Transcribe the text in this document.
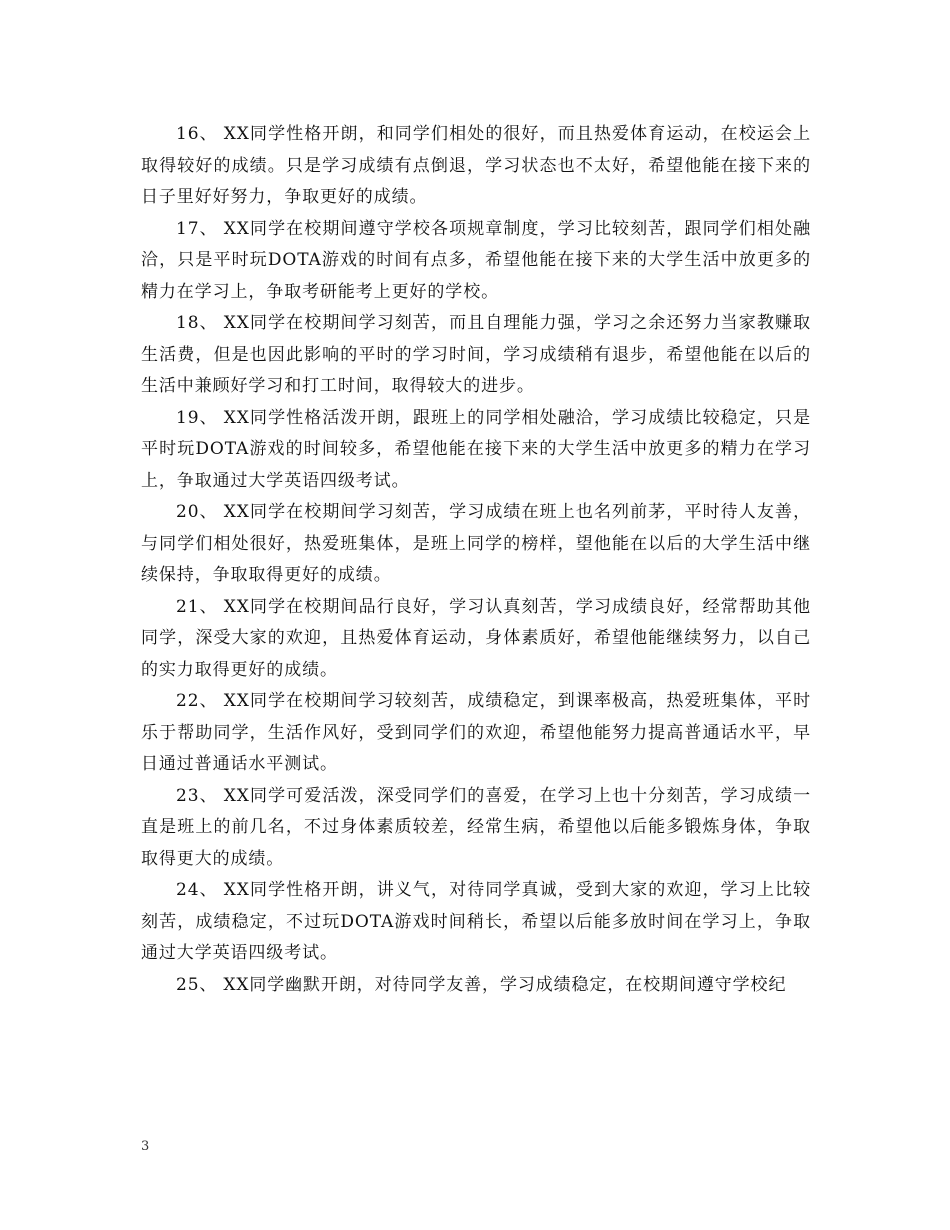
16、 XX同学性格开朗，和同学们相处的很好，而且热爱体育运动，在校运会上取得较好的成绩。只是学习成绩有点倒退，学习状态也不太好，希望他能在接下来的日子里好好努力，争取更好的成绩。

17、 XX同学在校期间遵守学校各项规章制度，学习比较刻苦，跟同学们相处融洽，只是平时玩DOTA游戏的时间有点多，希望他能在接下来的大学生活中放更多的精力在学习上，争取考研能考上更好的学校。

18、 XX同学在校期间学习刻苦，而且自理能力强，学习之余还努力当家教赚取生活费，但是也因此影响的平时的学习时间，学习成绩稍有退步，希望他能在以后的生活中兼顾好学习和打工时间，取得较大的进步。

19、 XX同学性格活泼开朗，跟班上的同学相处融洽，学习成绩比较稳定，只是平时玩DOTA游戏的时间较多，希望他能在接下来的大学生活中放更多的精力在学习上，争取通过大学英语四级考试。

20、 XX同学在校期间学习刻苦，学习成绩在班上也名列前茅，平时待人友善，与同学们相处很好，热爱班集体，是班上同学的榜样，望他能在以后的大学生活中继续保持，争取取得更好的成绩。

21、 XX同学在校期间品行良好，学习认真刻苦，学习成绩良好，经常帮助其他同学，深受大家的欢迎，且热爱体育运动，身体素质好，希望他能继续努力，以自己的实力取得更好的成绩。

22、 XX同学在校期间学习较刻苦，成绩稳定，到课率极高，热爱班集体，平时乐于帮助同学，生活作风好，受到同学们的欢迎，希望他能努力提高普通话水平，早日通过普通话水平测试。

23、 XX同学可爱活泼，深受同学们的喜爱，在学习上也十分刻苦，学习成绩一直是班上的前几名，不过身体素质较差，经常生病，希望他以后能多锻炼身体，争取取得更大的成绩。

24、 XX同学性格开朗，讲义气，对待同学真诚，受到大家的欢迎，学习上比较刻苦，成绩稳定，不过玩DOTA游戏时间稍长，希望以后能多放时间在学习上，争取通过大学英语四级考试。

25、 XX同学幽默开朗，对待同学友善，学习成绩稳定，在校期间遵守学校纪

3
